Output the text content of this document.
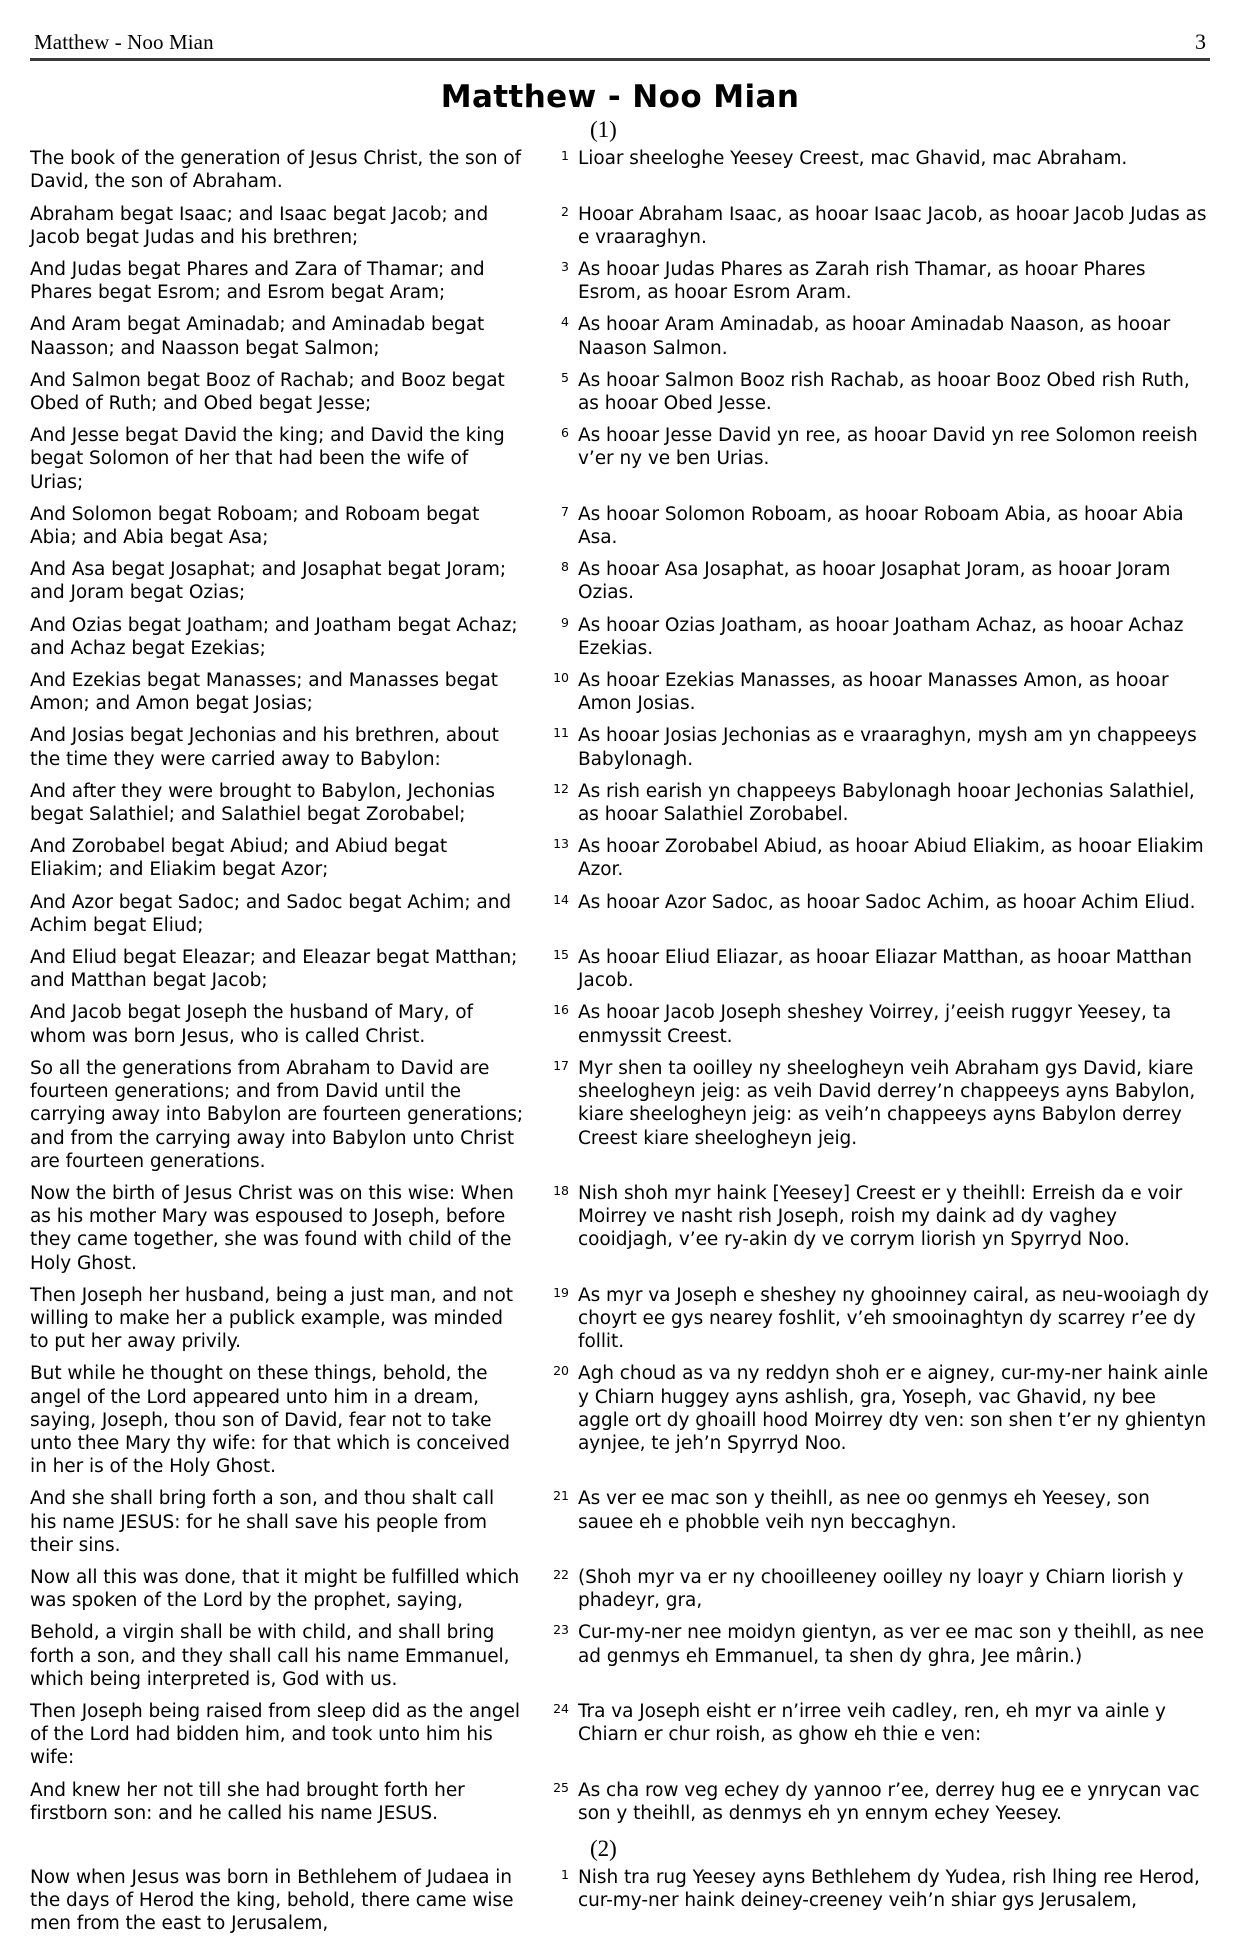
Matthew - Noo Mian	3
Matthew - Noo Mian
(1)
The book of the generation of Jesus Christ, the son of David, the son of Abraham.	1	Lioar sheeloghe Yeesey Creest, mac Ghavid, mac Abraham.
Abraham begat Isaac; and Isaac begat Jacob; and Jacob begat Judas and his brethren;	2	Hooar Abraham Isaac, as hooar Isaac Jacob, as hooar Jacob Judas as e vraaraghyn.
And Judas begat Phares and Zara of Thamar; and Phares begat Esrom; and Esrom begat Aram;	3	As hooar Judas Phares as Zarah rish Thamar, as hooar Phares Esrom, as hooar Esrom Aram.
And Aram begat Aminadab; and Aminadab begat Naasson; and Naasson begat Salmon;	4	As hooar Aram Aminadab, as hooar Aminadab Naason, as hooar Naason Salmon.
And Salmon begat Booz of Rachab; and Booz begat Obed of Ruth; and Obed begat Jesse;	5	As hooar Salmon Booz rish Rachab, as hooar Booz Obed rish Ruth, as hooar Obed Jesse.
And Jesse begat David the king; and David the king begat Solomon of her that had been the wife of Urias;	6	As hooar Jesse David yn ree, as hooar David yn ree Solomon reeish v’er ny ve ben Urias.
And Solomon begat Roboam; and Roboam begat Abia; and Abia begat Asa;	7	As hooar Solomon Roboam, as hooar Roboam Abia, as hooar Abia Asa.
And Asa begat Josaphat; and Josaphat begat Joram; and Joram begat Ozias;	8	As hooar Asa Josaphat, as hooar Josaphat Joram, as hooar Joram Ozias.
And Ozias begat Joatham; and Joatham begat Achaz; and Achaz begat Ezekias;	9	As hooar Ozias Joatham, as hooar Joatham Achaz, as hooar Achaz Ezekias.
And Ezekias begat Manasses; and Manasses begat Amon; and Amon begat Josias;	10	As hooar Ezekias Manasses, as hooar Manasses Amon, as hooar Amon Josias.
And Josias begat Jechonias and his brethren, about the time they were carried away to Babylon:	11	As hooar Josias Jechonias as e vraaraghyn, mysh am yn chappeeys Babylonagh.
And after they were brought to Babylon, Jechonias begat Salathiel; and Salathiel begat Zorobabel;	12	As rish earish yn chappeeys Babylonagh hooar Jechonias Salathiel, as hooar Salathiel Zorobabel.
And Zorobabel begat Abiud; and Abiud begat Eliakim; and Eliakim begat Azor;	13	As hooar Zorobabel Abiud, as hooar Abiud Eliakim, as hooar Eliakim Azor.
And Azor begat Sadoc; and Sadoc begat Achim; and Achim begat Eliud;	14	As hooar Azor Sadoc, as hooar Sadoc Achim, as hooar Achim Eliud.
And Eliud begat Eleazar; and Eleazar begat Matthan; and Matthan begat Jacob;	15	As hooar Eliud Eliazar, as hooar Eliazar Matthan, as hooar Matthan Jacob.
And Jacob begat Joseph the husband of Mary, of whom was born Jesus, who is called Christ.	16	As hooar Jacob Joseph sheshey Voirrey, j’eeish ruggyr Yeesey, ta enmyssit Creest.
So all the generations from Abraham to David are fourteen generations; and from David until the carrying away into Babylon are fourteen generations; and from the carrying away into Babylon unto Christ are fourteen generations.	17	Myr shen ta ooilley ny sheelogheyn veih Abraham gys David, kiare sheelogheyn jeig: as veih David derrey’n chappeeys ayns Babylon, kiare sheelogheyn jeig: as veih’n chappeeys ayns Babylon derrey Creest kiare sheelogheyn jeig.
Now the birth of Jesus Christ was on this wise: When as his mother Mary was espoused to Joseph, before they came together, she was found with child of the Holy Ghost.	18	Nish shoh myr haink [Yeesey] Creest er y theihll: Erreish da e voir Moirrey ve nasht rish Joseph, roish my daink ad dy vaghey cooidjagh, v’ee ry-akin dy ve corrym liorish yn Spyrryd Noo.
Then Joseph her husband, being a just man, and not willing to make her a publick example, was minded to put her away privily.	19	As myr va Joseph e sheshey ny ghooinney cairal, as neu-wooiagh dy choyrt ee gys nearey foshlit, v’eh smooinaghtyn dy scarrey r’ee dy follit.
But while he thought on these things, behold, the angel of the Lord appeared unto him in a dream, saying, Joseph, thou son of David, fear not to take unto thee Mary thy wife: for that which is conceived in her is of the Holy Ghost.	20	Agh choud as va ny reddyn shoh er e aigney, cur-my-ner haink ainle y Chiarn huggey ayns ashlish, gra, Yoseph, vac Ghavid, ny bee aggle ort dy ghoaill hood Moirrey dty ven: son shen t’er ny ghientyn aynjee, te jeh’n Spyrryd Noo.
And she shall bring forth a son, and thou shalt call his name JESUS: for he shall save his people from their sins.	21	As ver ee mac son y theihll, as nee oo genmys eh Yeesey, son sauee eh e phobble veih nyn beccaghyn.
Now all this was done, that it might be fulfilled which was spoken of the Lord by the prophet, saying,	22	(Shoh myr va er ny chooilleeney ooilley ny loayr y Chiarn liorish y phadeyr, gra,
Behold, a virgin shall be with child, and shall bring forth a son, and they shall call his name Emmanuel, which being interpreted is, God with us.	23	Cur-my-ner nee moidyn gientyn, as ver ee mac son y theihll, as nee ad genmys eh Emmanuel, ta shen dy ghra, Jee mârin.)
Then Joseph being raised from sleep did as the angel of the Lord had bidden him, and took unto him his wife:	24	Tra va Joseph eisht er n’irree veih cadley, ren, eh myr va ainle y Chiarn er chur roish, as ghow eh thie e ven:
And knew her not till she had brought forth her firstborn son: and he called his name JESUS.	25	As cha row veg echey dy yannoo r’ee, derrey hug ee e ynrycan vac son y theihll, as denmys eh yn ennym echey Yeesey.
(2)
Now when Jesus was born in Bethlehem of Judaea in the days of Herod the king, behold, there came wise men from the east to Jerusalem,	1	Nish tra rug Yeesey ayns Bethlehem dy Yudea, rish lhing ree Herod, cur-my-ner haink deiney-creeney veih’n shiar gys Jerusalem,
